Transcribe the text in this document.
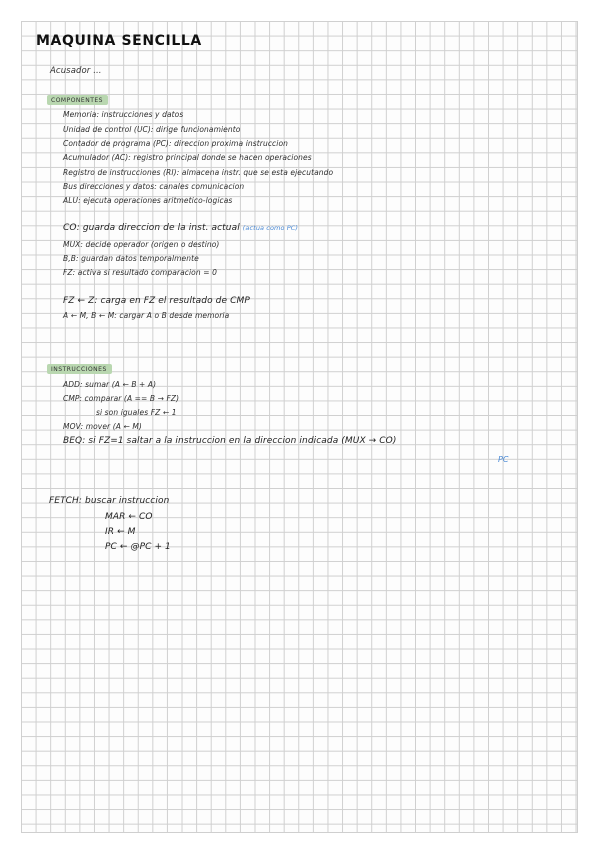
MAQUINA SENCILLA
Acusador ...
COMPONENTES
Memoria: instrucciones y datos
Unidad de control (UC): dirige funcionamiento
Contador de programa (PC): direccion proxima instruccion
Acumulador (AC): registro principal donde se hacen operaciones
Registro de instrucciones (RI): almacena instr. que se esta ejecutando
Bus direcciones y datos: canales comunicacion
ALU: ejecuta operaciones aritmetico-logicas
CO: guarda direccion de la inst. actual (actua como PC)
MUX: decide operador (origen o destino)
B,B: guardan datos temporalmente
FZ: activa si resultado comparacion = 0
FZ ← Z: carga en FZ el resultado de CMP
A ← M, B ← M: cargar A o B desde memoria
INSTRUCCIONES
ADD: sumar (A ← B + A)
CMP: comparar (A == B → FZ)
si son iguales FZ ← 1
MOV: mover (A ← M)
BEQ: si FZ=1 saltar a la instruccion en la direccion indicada (MUX → CO)
PC
FETCH: buscar instruccion
MAR ← CO
IR ← M
PC ← @PC + 1
